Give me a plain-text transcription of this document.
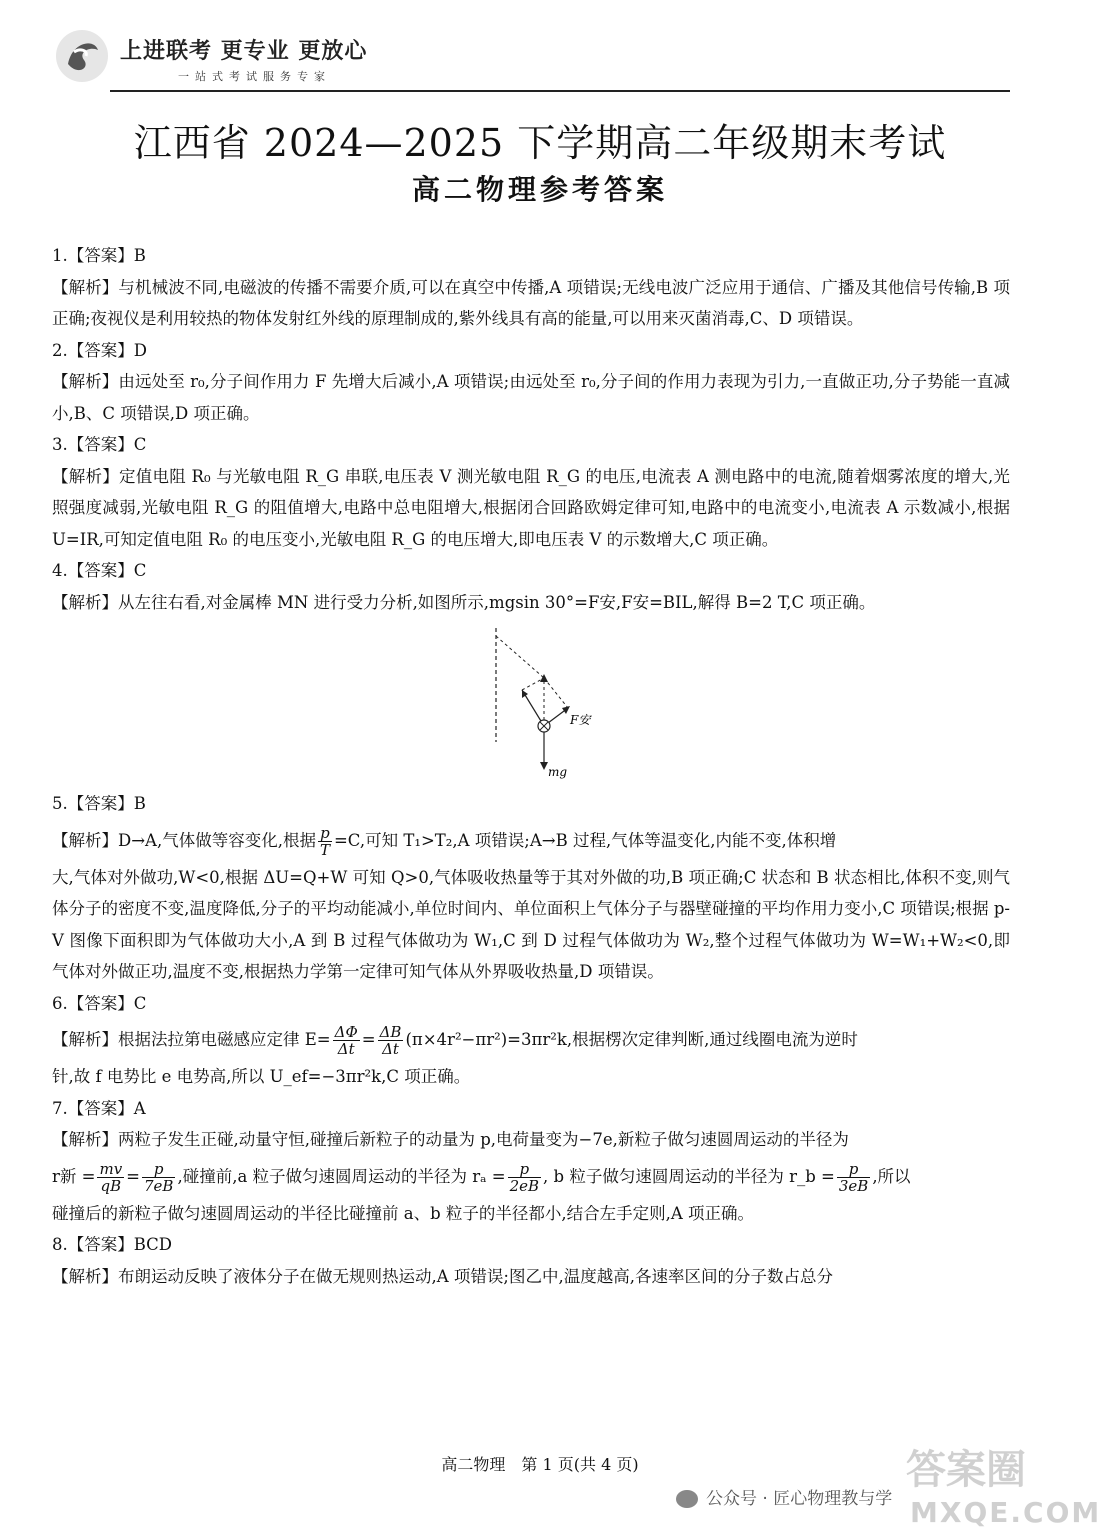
上进联考 更专业 更放心
一站式考试服务专家
江西省 2024—2025 下学期高二年级期末考试
高二物理参考答案

1.【答案】B

【解析】与机械波不同,电磁波的传播不需要介质,可以在真空中传播,A 项错误;无线电波广泛应用于通信、广播及其他信号传输,B 项正确;夜视仪是利用较热的物体发射红外线的原理制成的,紫外线具有高的能量,可以用来灭菌消毒,C、D 项错误。

2.【答案】D

【解析】由远处至 r₀,分子间作用力 F 先增大后减小,A 项错误;由远处至 r₀,分子间的作用力表现为引力,一直做正功,分子势能一直减小,B、C 项错误,D 项正确。

3.【答案】C

【解析】定值电阻 R₀ 与光敏电阻 R_G 串联,电压表 V 测光敏电阻 R_G 的电压,电流表 A 测电路中的电流,随着烟雾浓度的增大,光照强度减弱,光敏电阻 R_G 的阻值增大,电路中总电阻增大,根据闭合回路欧姆定律可知,电路中的电流变小,电流表 A 示数减小,根据 U=IR,可知定值电阻 R₀ 的电压变小,光敏电阻 R_G 的电压增大,即电压表 V 的示数增大,C 项正确。

4.【答案】C

【解析】从左往右看,对金属棒 MN 进行受力分析,如图所示,mgsin 30°=F安,F安=BIL,解得 B=2 T,C 项正确。

F安
mg

5.【答案】B

【解析】D→A,气体做等容变化,根据 $\frac{p}{T} =C$,可知 T₁>T₂,A 项错误;A→B 过程,气体等温变化,内能不变,体积增

大,气体对外做功,W<0,根据 ΔU=Q+W 可知 Q>0,气体吸收热量等于其对外做的功,B 项正确;C 状态和 B 状态相比,体积不变,则气体分子的密度不变,温度降低,分子的平均动能减小,单位时间内、单位面积上气体分子与器壁碰撞的平均作用力变小,C 项错误;根据 p-V 图像下面积即为气体做功大小,A 到 B 过程气体做功为 W₁,C 到 D 过程气体做功为 W₂,整个过程气体做功为 W=W₁+W₂<0,即气体对外做正功,温度不变,根据热力学第一定律可知气体从外界吸收热量,D 项错误。

6.【答案】C

【解析】根据法拉第电磁感应定律 $E= \frac{\Delta\Phi}{\Delta t} = \frac{\Delta B}{\Delta t} (\pi\times 4r^2-\pi r^2)=3\pi r^2k$,根据楞次定律判断,通过线圈电流为逆时

针,故 f 电势比 e 电势高,所以 U_ef=−3πr²k,C 项正确。

7.【答案】A

【解析】两粒子发生正碰,动量守恒,碰撞后新粒子的动量为 p,电荷量变为−7e,新粒子做匀速圆周运动的半径为

r新 = $\frac{mv}{qB} = \frac{p}{7eB}$ ,碰撞前,a 粒子做匀速圆周运动的半径为 $r_a = \frac{p}{2eB}$ , b 粒子做匀速圆周运动的半径为 r_b = $\frac{p}{3eB}$ ,所以

碰撞后的新粒子做匀速圆周运动的半径比碰撞前 a、b 粒子的半径都小,结合左手定则,A 项正确。

8.【答案】BCD

【解析】布朗运动反映了液体分子在做无规则热运动,A 项错误;图乙中,温度越高,各速率区间的分子数占总分

高二物理　第 1 页(共 4 页)
公众号 · 匠心物理教与学
答案圈
MXQE.COM
